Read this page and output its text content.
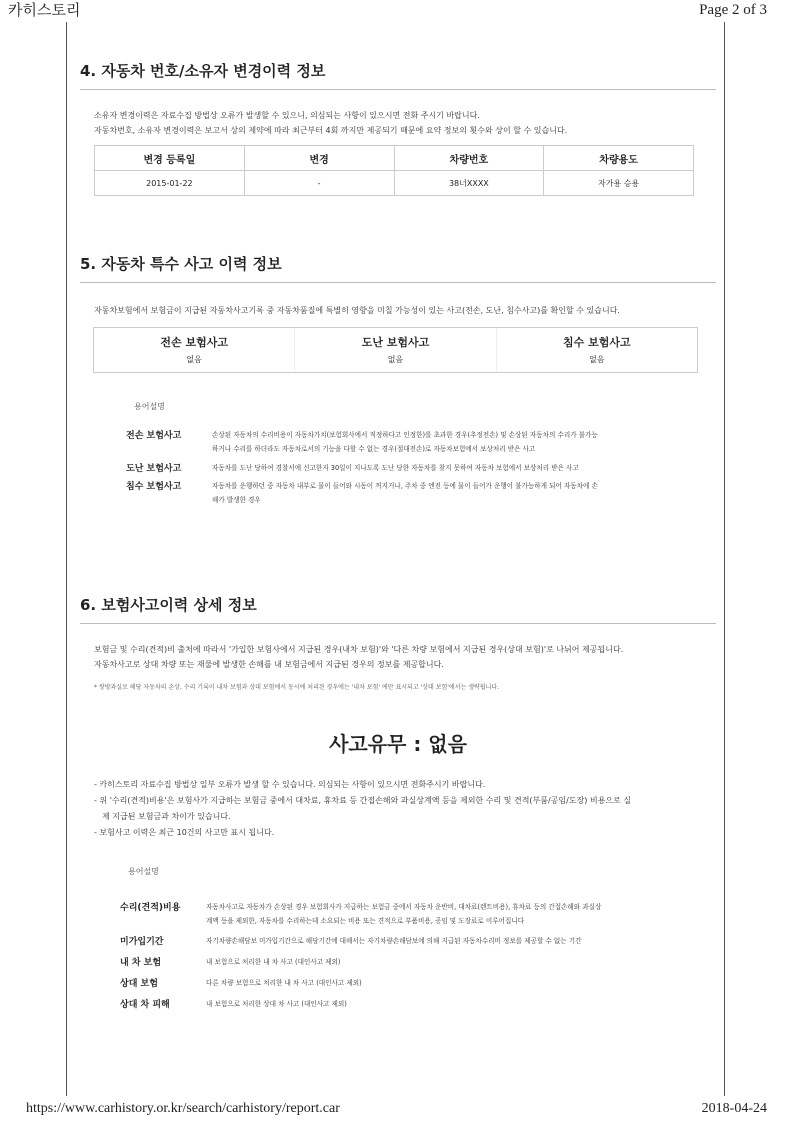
카히스토리	Page 2 of 3
https://www.carhistory.or.kr/search/carhistory/report.car	2018-04-24
4. 자동차 번호/소유자 변경이력 정보
소유자 변경이력은 자료수집 방법상 오류가 발생할 수 있으니, 의심되는 사항이 있으시면 전화 주시기 바랍니다.
자동차번호, 소유자 변경이력은 보고서 상의 제약에 따라 최근부터 4회 까지만 제공되기 때문에 요약 정보의 횟수와 상이 할 수 있습니다.
변경 등록일	변경	차량번호	차량용도
2015-01-22	-	38너XXXX	자가용 승용
5. 자동차 특수 사고 이력 정보
자동차보험에서 보험금이 지급된 자동차사고기록 중 자동차품질에 특별히 영향을 미칠 가능성이 있는 사고(전손, 도난, 침수사고)를 확인할 수 있습니다.
전손 보험사고
없음
도난 보험사고
없음
침수 보험사고
없음
용어설명
전손 보험사고	손상된 자동차의 수리비용이 자동차가치(보험회사에서 적정하다고 인정한)를 초과한 경우(추정전손) 및 손상된 자동차의 수리가 불가능
하거나 수리를 하더라도 자동차로서의 기능을 다할 수 없는 경우(절대전손)로 자동차보험에서 보상처리 받은 사고
도난 보험사고	자동차를 도난 당하여 경찰서에 신고한지 30일이 지나도록 도난 당한 자동차를 찾지 못하여 자동차 보험에서 보상처리 받은 사고
침수 보험사고	자동차를 운행하던 중 자동차 내부로 물이 들어와 시동이 꺼지거나, 주차 중 엔진 등에 물이 들어가 운행이 불가능하게 되어 자동차에 손
해가 발생한 경우
6. 보험사고이력 상세 정보
보험금 및 수리(견적)비 출처에 따라서 '가입한 보험사에서 지급된 경우(내차 보험)'와 '다른 차량 보험에서 지급된 경우(상대 보험)'로 나뉘어 제공됩니다.
자동차사고로 상대 차량 또는 재물에 발생한 손해를 내 보험금에서 지급된 경우의 정보를 제공합니다.
* 쌍방과실로 해당 자동차의 손상, 수리 기록이 내차 보험과 상대 보험에서 동시에 처리된 경우에는 '내차 보험' 에만 표시되고 '상대 보험'에서는 생략됩니다.
사고유무 : 없음
- 카히스토리 자료수집 방법상 일부 오류가 발생 할 수 있습니다. 의심되는 사항이 있으시면 전화주시기 바랍니다.
- 위 '수리(견적)비용'은 보험사가 지급하는 보험금 중에서 대차료, 휴차료 등 간접손해와 과실상계액 등을 제외한 수리 및 견적(부품/공임/도장) 비용으로 실
제 지급된 보험금과 차이가 있습니다.
- 보험사고 이력은 최근 10건의 사고만 표시 됩니다.
용어설명
수리(견적)비용	자동차사고로 자동차가 손상된 경우 보험회사가 지급하는 보험금 중에서 자동차 운반비, 대차료(렌트비용), 휴차료 등의 간접손해와 과실상
계액 등을 제외한, 자동차를 수리하는데 소요되는 비용 또는 견적으로 부품비용, 공임 및 도장료로 이루어집니다
미가입기간	자기차량손해담보 미가입기간으로 해당기간에 대해서는 자기차량손해담보에 의해 지급된 자동차수리비 정보를 제공할 수 없는 기간
내 차 보험	내 보험으로 처리한 내 차 사고 (대인사고 제외)
상대 보험	다른 차량 보험으로 처리한 내 차 사고 (대인사고 제외)
상대 차 피해	내 보험으로 처리한 상대 차 사고 (대인사고 제외)
